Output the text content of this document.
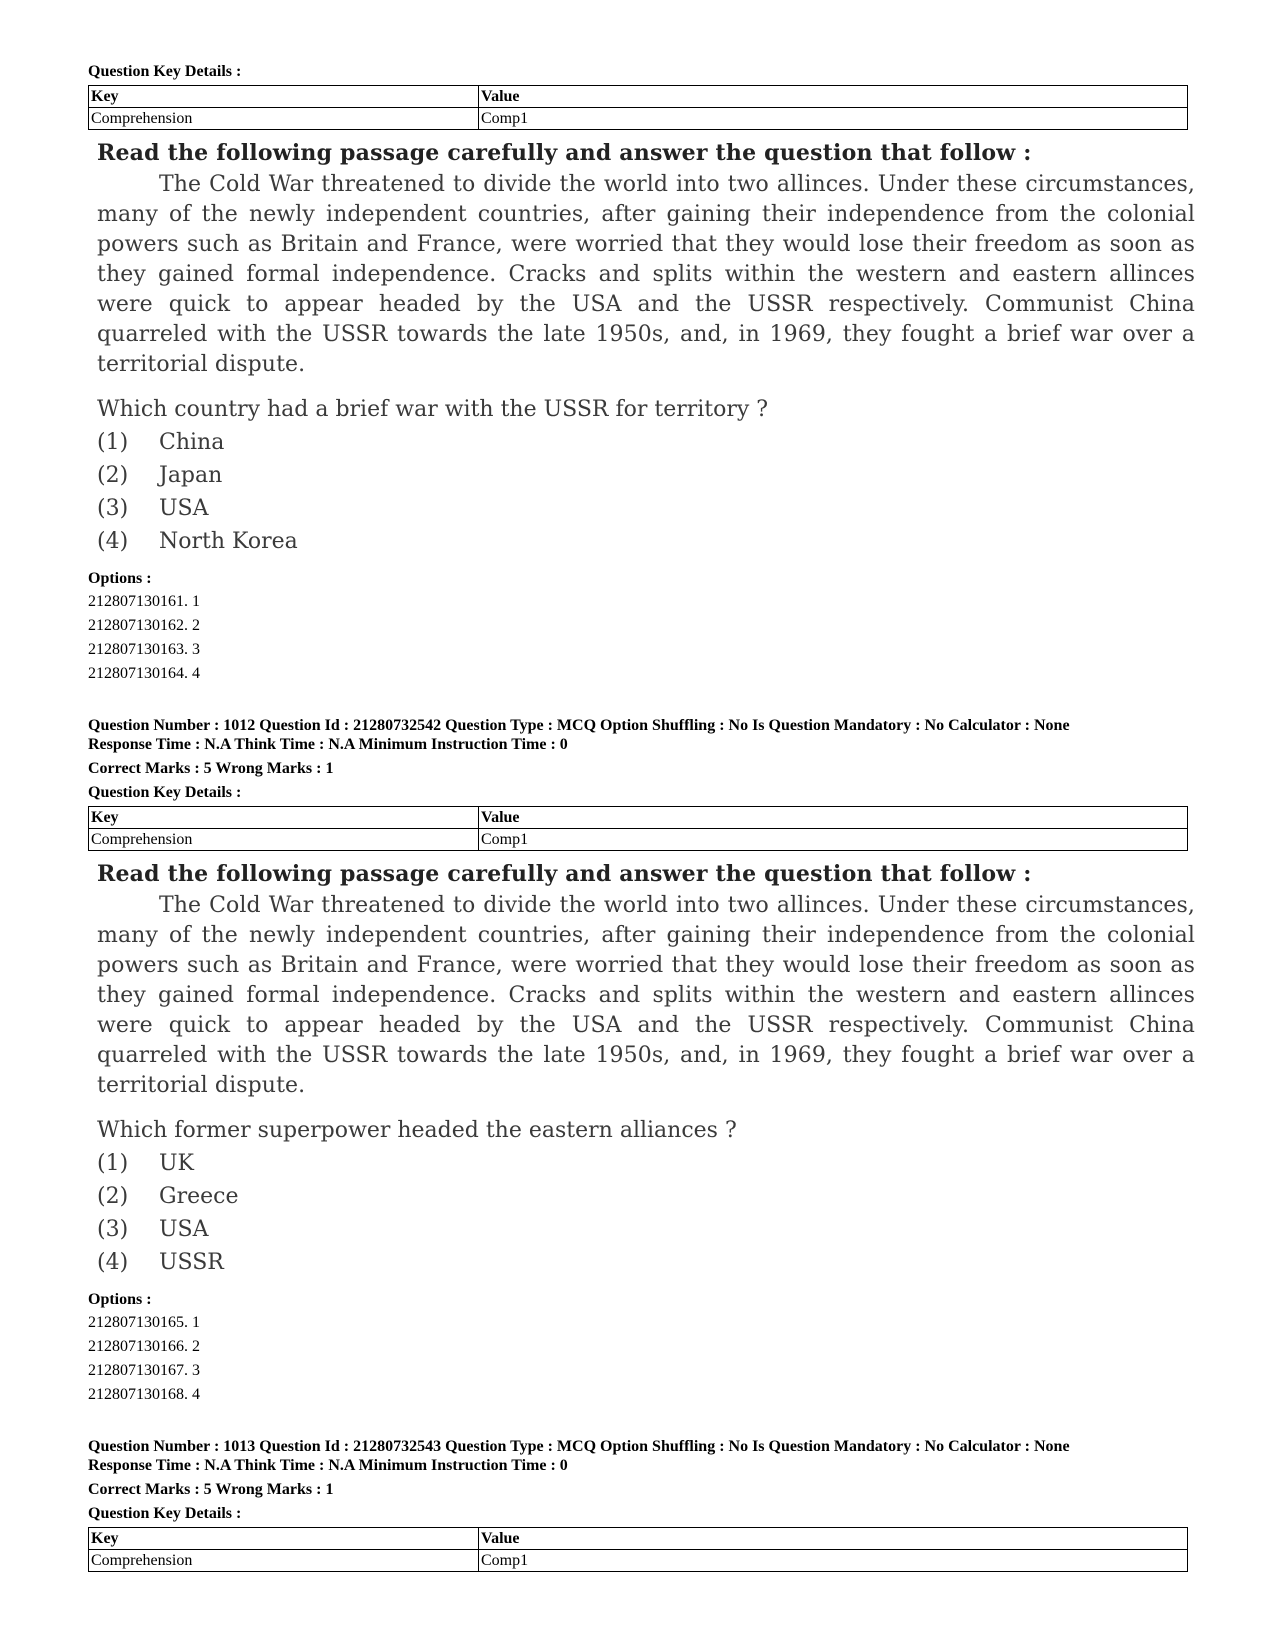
Question Key Details :
Key	Value
Comprehension	Comp1
Read the following passage carefully and answer the question that follow :
The Cold War threatened to divide the world into two allinces. Under these circumstances, many of the newly independent countries, after gaining their independence from the colonial powers such as Britain and France, were worried that they would lose their freedom as soon as they gained formal independence. Cracks and splits within the western and eastern allinces were quick to appear headed by the USA and the USSR respectively. Communist China quarreled with the USSR towards the late 1950s, and, in 1969, they fought a brief war over a territorial dispute.
Which country had a brief war with the USSR for territory ?
(1)	China
(2)	Japan
(3)	USA
(4)	North Korea
Options :
212807130161. 1
212807130162. 2
212807130163. 3
212807130164. 4
Question Number : 1012 Question Id : 21280732542 Question Type : MCQ Option Shuffling : No Is Question Mandatory : No Calculator : None
Response Time : N.A Think Time : N.A Minimum Instruction Time : 0
Correct Marks : 5 Wrong Marks : 1
Question Key Details :
Key	Value
Comprehension	Comp1
Read the following passage carefully and answer the question that follow :
The Cold War threatened to divide the world into two allinces. Under these circumstances, many of the newly independent countries, after gaining their independence from the colonial powers such as Britain and France, were worried that they would lose their freedom as soon as they gained formal independence. Cracks and splits within the western and eastern allinces were quick to appear headed by the USA and the USSR respectively. Communist China quarreled with the USSR towards the late 1950s, and, in 1969, they fought a brief war over a territorial dispute.
Which former superpower headed the eastern alliances ?
(1)	UK
(2)	Greece
(3)	USA
(4)	USSR
Options :
212807130165. 1
212807130166. 2
212807130167. 3
212807130168. 4
Question Number : 1013 Question Id : 21280732543 Question Type : MCQ Option Shuffling : No Is Question Mandatory : No Calculator : None
Response Time : N.A Think Time : N.A Minimum Instruction Time : 0
Correct Marks : 5 Wrong Marks : 1
Question Key Details :
Key	Value
Comprehension	Comp1
